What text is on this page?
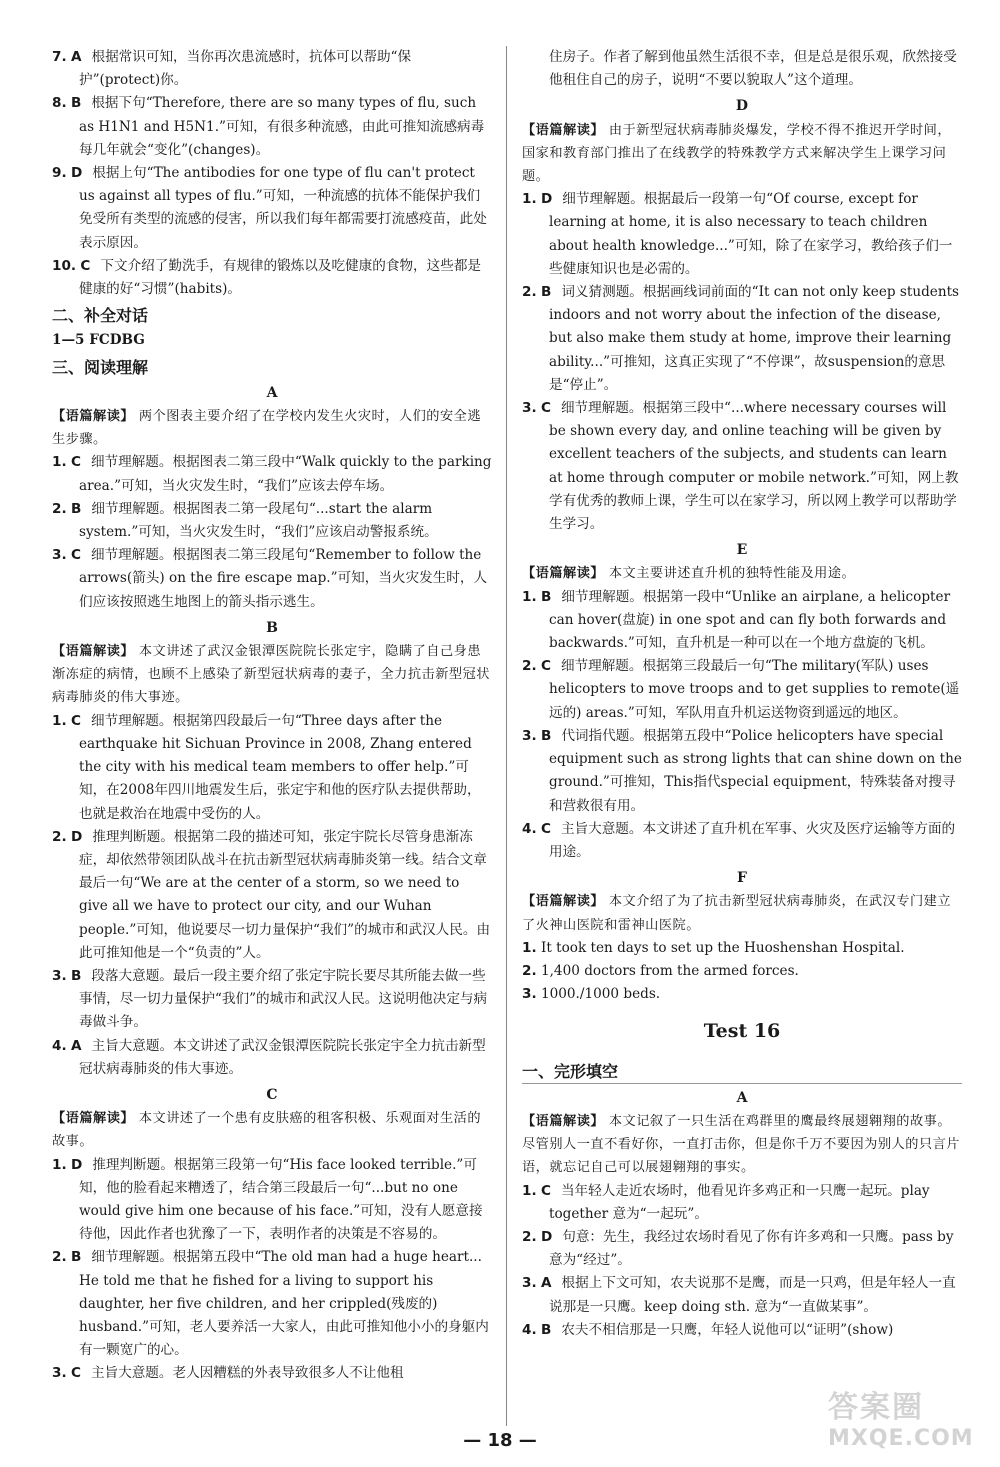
7. A 根据常识可知，当你再次患流感时，抗体可以帮助“保护”(protect)你。

8. B 根据下句“Therefore, there are so many types of flu, such as H1N1 and H5N1.”可知，有很多种流感，由此可推知流感病毒每几年就会“变化”(changes)。

9. D 根据上句“The antibodies for one type of flu can't protect us against all types of flu.”可知，一种流感的抗体不能保护我们免受所有类型的流感的侵害，所以我们每年都需要打流感疫苗，此处表示原因。

10. C 下文介绍了勤洗手，有规律的锻炼以及吃健康的食物，这些都是健康的好“习惯”(habits)。

二、补全对话

1—5 FCDBG

三、阅读理解
A

【语篇解读】 两个图表主要介绍了在学校内发生火灾时，人们的安全逃生步骤。

1. C 细节理解题。根据图表二第三段中“Walk quickly to the parking area.”可知，当火灾发生时，“我们”应该去停车场。

2. B 细节理解题。根据图表二第一段尾句“...start the alarm system.”可知，当火灾发生时，“我们”应该启动警报系统。

3. C 细节理解题。根据图表二第三段尾句“Remember to follow the arrows(箭头) on the fire escape map.”可知，当火灾发生时，人们应该按照逃生地图上的箭头指示逃生。

B

【语篇解读】 本文讲述了武汉金银潭医院院长张定宇，隐瞒了自己身患渐冻症的病情，也顾不上感染了新型冠状病毒的妻子，全力抗击新型冠状病毒肺炎的伟大事迹。

1. C 细节理解题。根据第四段最后一句“Three days after the earthquake hit Sichuan Province in 2008, Zhang entered the city with his medical team members to offer help.”可知，在2008年四川地震发生后，张定宇和他的医疗队去提供帮助，也就是救治在地震中受伤的人。

2. D 推理判断题。根据第二段的描述可知，张定宇院长尽管身患渐冻症，却依然带领团队战斗在抗击新型冠状病毒肺炎第一线。结合文章最后一句“We are at the center of a storm, so we need to give all we have to protect our city, and our Wuhan people.”可知，他说要尽一切力量保护“我们”的城市和武汉人民。由此可推知他是一个“负责的”人。

3. B 段落大意题。最后一段主要介绍了张定宇院长要尽其所能去做一些事情，尽一切力量保护“我们”的城市和武汉人民。这说明他决定与病毒做斗争。

4. A 主旨大意题。本文讲述了武汉金银潭医院院长张定宇全力抗击新型冠状病毒肺炎的伟大事迹。

C

【语篇解读】 本文讲述了一个患有皮肤癌的租客积极、乐观面对生活的故事。

1. D 推理判断题。根据第三段第一句“His face looked terrible.”可知，他的脸看起来糟透了，结合第三段最后一句“...but no one would give him one because of his face.”可知，没有人愿意接待他，因此作者也犹豫了一下，表明作者的决策是不容易的。

2. B 细节理解题。根据第五段中“The old man had a huge heart... He told me that he fished for a living to support his daughter, her five children, and her crippled(残废的) husband.”可知，老人要养活一大家人，由此可推知他小小的身躯内有一颗宽广的心。

3. C 主旨大意题。老人因糟糕的外表导致很多人不让他租

住房子。作者了解到他虽然生活很不幸，但是总是很乐观，欣然接受他租住自己的房子，说明“不要以貌取人”这个道理。

D

【语篇解读】 由于新型冠状病毒肺炎爆发，学校不得不推迟开学时间，国家和教育部门推出了在线教学的特殊教学方式来解决学生上课学习问题。

1. D 细节理解题。根据最后一段第一句“Of course, except for learning at home, it is also necessary to teach children about health knowledge...”可知，除了在家学习，教给孩子们一些健康知识也是必需的。

2. B 词义猜测题。根据画线词前面的“It can not only keep students indoors and not worry about the infection of the disease, but also make them study at home, improve their learning ability...”可推知，这真正实现了“不停课”，故suspension的意思是“停止”。

3. C 细节理解题。根据第三段中“...where necessary courses will be shown every day, and online teaching will be given by excellent teachers of the subjects, and students can learn at home through computer or mobile network.”可知，网上教学有优秀的教师上课，学生可以在家学习，所以网上教学可以帮助学生学习。

E

【语篇解读】 本文主要讲述直升机的独特性能及用途。

1. B 细节理解题。根据第一段中“Unlike an airplane, a helicopter can hover(盘旋) in one spot and can fly both forwards and backwards.”可知，直升机是一种可以在一个地方盘旋的飞机。

2. C 细节理解题。根据第三段最后一句“The military(军队) uses helicopters to move troops and to get supplies to remote(遥远的) areas.”可知，军队用直升机运送物资到遥远的地区。

3. B 代词指代题。根据第五段中“Police helicopters have special equipment such as strong lights that can shine down on the ground.”可推知，This指代special equipment，特殊装备对搜寻和营救很有用。

4. C 主旨大意题。本文讲述了直升机在军事、火灾及医疗运输等方面的用途。

F

【语篇解读】 本文介绍了为了抗击新型冠状病毒肺炎，在武汉专门建立了火神山医院和雷神山医院。

1. It took ten days to set up the Huoshenshan Hospital.

2. 1,400 doctors from the armed forces.

3. 1000./1000 beds.

Test 16
一、完形填空
A

【语篇解读】 本文记叙了一只生活在鸡群里的鹰最终展翅翱翔的故事。尽管别人一直不看好你，一直打击你，但是你千万不要因为别人的只言片语，就忘记自己可以展翅翱翔的事实。

1. C 当年轻人走近农场时，他看见许多鸡正和一只鹰一起玩。play together 意为“一起玩”。

2. D 句意：先生，我经过农场时看见了你有许多鸡和一只鹰。pass by 意为“经过”。

3. A 根据上下文可知，农夫说那不是鹰，而是一只鸡，但是年轻人一直说那是一只鹰。keep doing sth. 意为“一直做某事”。

4. B 农夫不相信那是一只鹰，年轻人说他可以“证明”(show)

— 18 —
答案圈
MXQE.COM
